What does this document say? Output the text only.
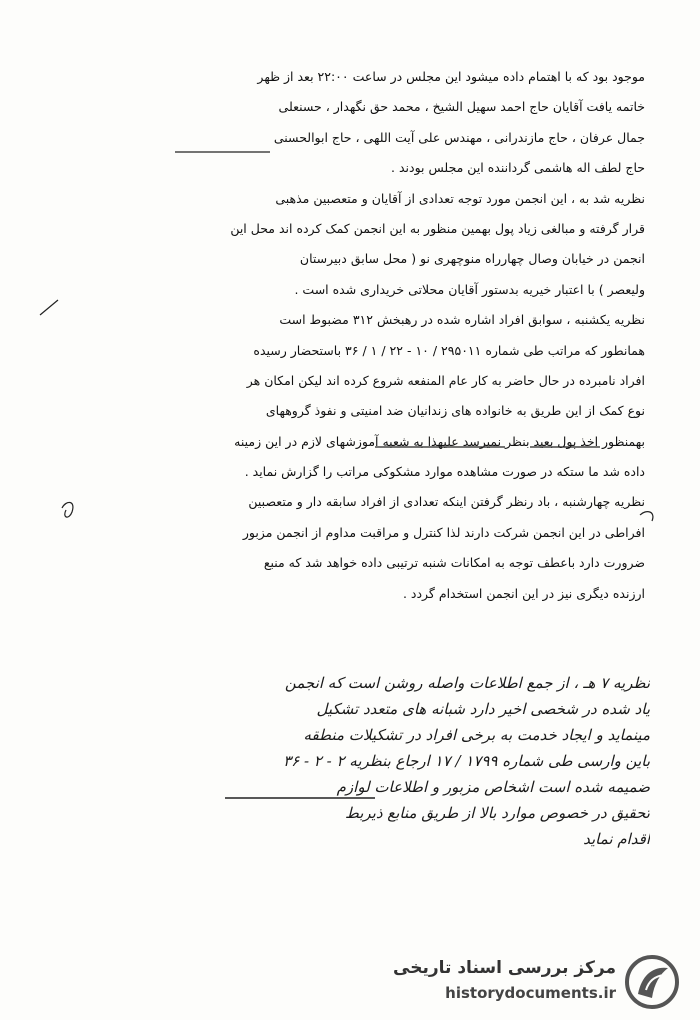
موجود بود که با اهتمام داده میشود این مجلس در ساعت ۲۲:۰۰ بعد از ظهر
خاتمه یافت آقایان حاج احمد سهیل الشیخ ، محمد حق نگهدار ، حسنعلی
جمال عرفان ، حاج مازندرانی ، مهندس علی آیت اللهی ، حاج ابوالحسنی
حاج لطف اله هاشمی گرداننده این مجلس بودند .
نظریه شد به ، این انجمن مورد توجه تعدادی از آقایان و متعصبین مذهبی
قرار گرفته و مبالغی زیاد پول بهمین منظور به این انجمن کمک کرده اند محل این
انجمن در خیابان وصال چهارراه منوچهری نو ( محل سابق دبیرستان
ولیعصر ) با اعتبار خیریه بدستور آقایان محلاتی خریداری شده است .
نظریه یکشنبه ، سوابق افراد اشاره شده در رهبخش ۳۱۲ مضبوط است
همانطور که مراتب طی شماره ۲۹۵۰۱۱ / ۱۰ - ۲۲ / ۱ / ۳۶ باستحضار رسیده
افراد نامبرده در حال حاضر به کار عام المنفعه شروع کرده اند لیکن امکان هر
نوع کمک از این طریق به خانواده های زندانیان ضد امنیتی و نفوذ گروههای
بهمنظور اخذ پول بعید بنظر نمیرسد علیهذا به شعبه آموزشهای لازم در این زمینه
داده شد ما ستکه در صورت مشاهده موارد مشکوکی مراتب را گزارش نماید .
نظریه چهارشنبه ، باد رنظر گرفتن اینکه تعدادی از افراد سابقه دار و متعصبین
افراطی در این انجمن شرکت دارند لذا کنترل و مراقبت مداوم از انجمن مزبور
ضرورت دارد باعطف توجه به امکانات شنبه ترتیبی داده خواهد شد که منبع
ارزنده دیگری نیز در این انجمن استخدام گردد .
نظریه ۷ هـ ، از جمع اطلاعات واصله روشن است که انجمن
یاد شده در شخصی اخیر دارد شبانه های متعدد تشکیل
مینماید و ایجاد خدمت به برخی افراد در تشکیلات منطقه
باین وارسی طی شماره ۱۷۹۹ / ۱۷ ارجاع بنظریه ۲ - ۲ - ۳۶
ضمیمه شده است اشخاص مزبور و اطلاعات لوازم
تحقیق در خصوص موارد بالا از طریق منابع ذیربط
اقدام نماید
مرکز بررسی اسناد تاریخی
historydocuments.ir
